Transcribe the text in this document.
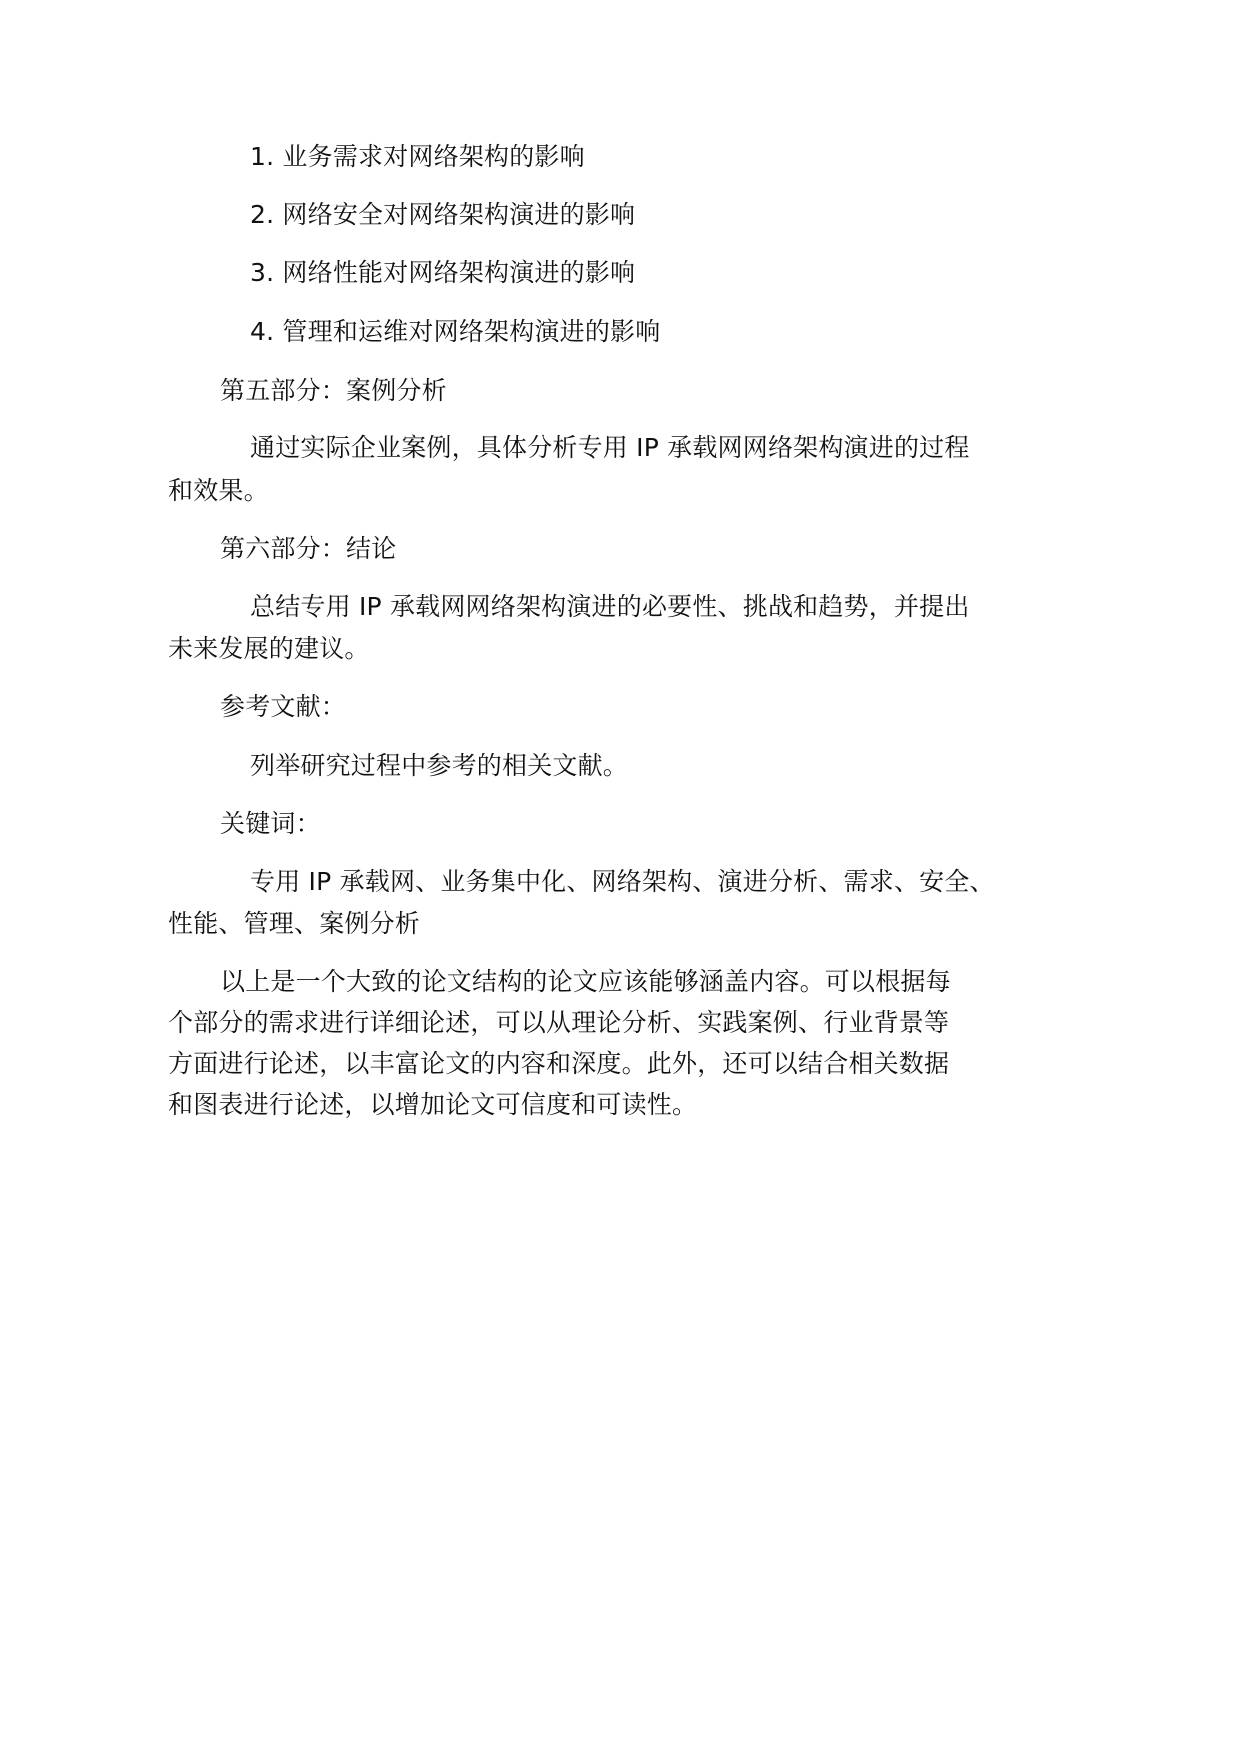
1. 业务需求对网络架构的影响
2. 网络安全对网络架构演进的影响
3. 网络性能对网络架构演进的影响
4. 管理和运维对网络架构演进的影响
第五部分：案例分析
通过实际企业案例，具体分析专用 IP 承载网网络架构演进的过程
和效果。
第六部分：结论
总结专用 IP 承载网网络架构演进的必要性、挑战和趋势，并提出
未来发展的建议。
参考文献：
列举研究过程中参考的相关文献。
关键词：
专用 IP 承载网、业务集中化、网络架构、演进分析、需求、安全、
性能、管理、案例分析
以上是一个大致的论文结构的论文应该能够涵盖内容。可以根据每
个部分的需求进行详细论述，可以从理论分析、实践案例、行业背景等
方面进行论述，以丰富论文的内容和深度。此外，还可以结合相关数据
和图表进行论述，以增加论文可信度和可读性。
